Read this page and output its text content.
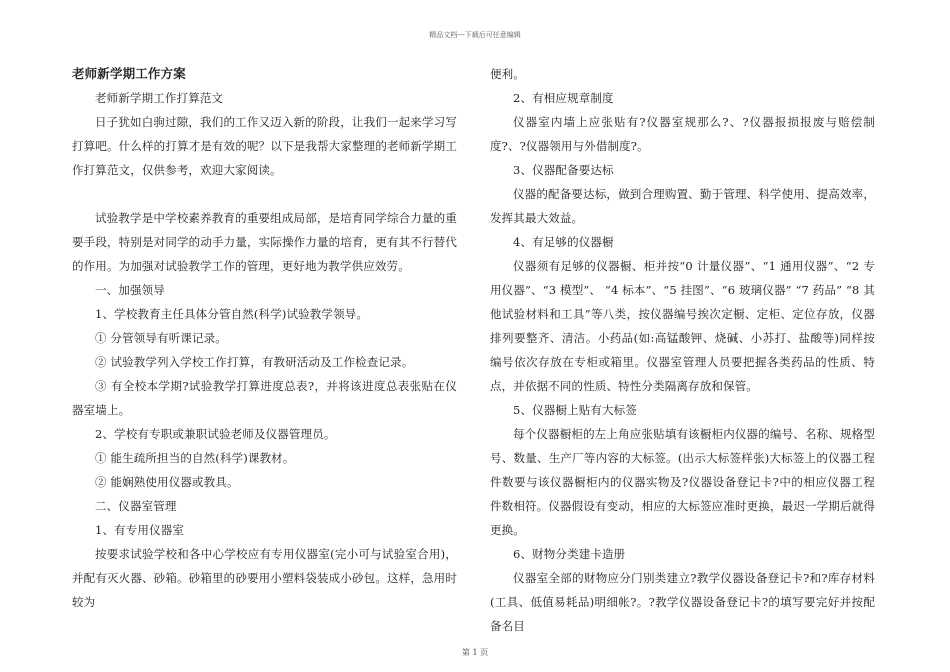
精品文档---下载后可任意编辑
老师新学期工作方案

老师新学期工作打算范文

日子犹如白驹过隙，我们的工作又迈入新的阶段，让我们一起来学习写打算吧。什么样的打算才是有效的呢？以下是我帮大家整理的老师新学期工作打算范文，仅供参考，欢迎大家阅读。

试验教学是中学校素养教育的重要组成局部，是培育同学综合力量的重要手段，特别是对同学的动手力量，实际操作力量的培育，更有其不行替代的作用。为加强对试验教学工作的管理，更好地为教学供应效劳。

一、加强领导

1、学校教育主任具体分管自然(科学)试验教学领导。

① 分管领导有听课记录。

② 试验教学列入学校工作打算，有教研活动及工作检查记录。

③ 有全校本学期?试验教学打算进度总表?，并将该进度总表张贴在仪器室墙上。

2、学校有专职或兼职试验老师及仪器管理员。

① 能生疏所担当的自然(科学)课教材。

② 能娴熟使用仪器或教具。

二、仪器室管理

1、有专用仪器室

按要求试验学校和各中心学校应有专用仪器室(完小可与试验室合用)，并配有灭火器、砂箱。砂箱里的砂要用小塑料袋装成小砂包。这样，急用时较为

便利。

2、有相应规章制度

仪器室内墙上应张贴有?仪器室规那么?、?仪器报损报废与赔偿制度?、?仪器领用与外借制度?。

3、仪器配备要达标

仪器的配备要达标，做到合理购置、勤于管理、科学使用、提高效率，发挥其最大效益。

4、有足够的仪器橱

仪器须有足够的仪器橱、柜并按“0 计量仪器”、“1 通用仪器”、“2 专用仪器”、“3 模型”、 “4 标本”、“5 挂图”、“6 玻璃仪器” “7 药品” “8 其他试验材料和工具”等八类，按仪器编号挨次定橱、定柜、定位存放，仪器排列要整齐、清洁。小药品(如:高锰酸钾、烧碱、小苏打、盐酸等)同样按编号依次存放在专柜或箱里。仪器室管理人员要把握各类药品的性质、特点，并依据不同的性质、特性分类隔离存放和保管。

5、仪器橱上贴有大标签

每个仪器橱柜的左上角应张贴填有该橱柜内仪器的编号、名称、规格型号、数量、生产厂等内容的大标签。(出示大标签样张)大标签上的仪器工程件数要与该仪器橱柜内的仪器实物及?仪器设备登记卡?中的相应仪器工程件数相符。仪器假设有变动，相应的大标签应准时更换，最迟一学期后就得更换。

6、财物分类建卡造册

仪器室全部的财物应分门别类建立?教学仪器设备登记卡?和?库存材料(工具、低值易耗品)明细帐?。?教学仪器设备登记卡?的填写要完好并按配备名目

第 1 页
